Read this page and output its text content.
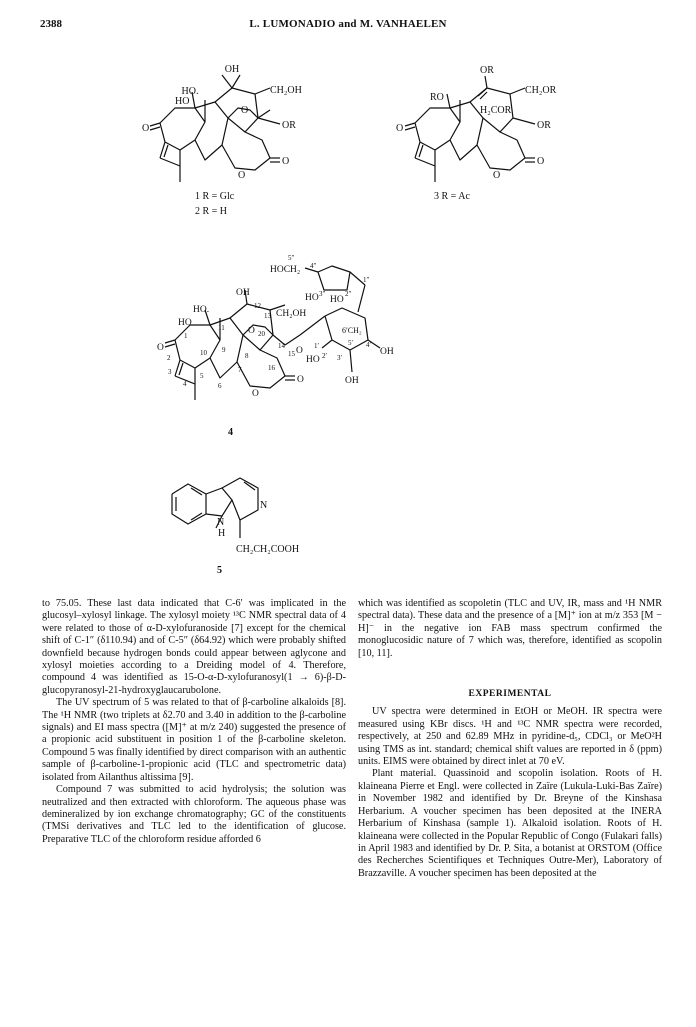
2388	L. LUMONADIO and M. VANHAELEN
OH
HO.
HO
CH₂OH
OR
O
O
O
O
1 R = Glc
2 R = H
OR
RO
CH₂OR
H₂COR
OR
O
O
O
3 R = Ac
HOCH₂
5″
4″
1″
HO 3″
HO
2″
OH
HO.
HO
CH₂OH
12
13
11
20
O
14
15 O 1′
HO 2′ 3′
OH
6′CH₂
5′ 4′
OH
O
2
3
1
10 9
8
4
5
6
7	16
O
O
4
N
H
N
CH₂CH₂COOH
5

to 75.05. These last data indicated that C-6′ was implicated in the glucosyl–xylosyl linkage. The xylosyl moiety ¹³C NMR spectral data of 4 were related to those of α-D-xylofuranoside [7] except for the chemical shift of C-1″ (δ110.94) and of C-5″ (δ64.92) which were probably shifted downfield because hydrogen bonds could appear between aglycone and xylosyl moieties according to a Dreiding model of 4. Therefore, compound 4 was identified as 15-O-α-D-xylofuranosyl(1 → 6)-β-D-glucopyranosyl-21-hydroxyglaucarubolone.

The UV spectrum of 5 was related to that of β-carboline alkaloids [8]. The ¹H NMR (two triplets at δ2.70 and 3.40 in addition to the β-carboline signals) and EI mass spectra ([M]⁺ at m/z 240) suggested the presence of a propionic acid substituent in position 1 of the β-carboline skeleton. Compound 5 was finally identified by direct comparison with an authentic sample of β-carboline-1-propionic acid (TLC and spectrometric data) isolated from Ailanthus altissima [9].

Compound 7 was submitted to acid hydrolysis; the solution was neutralized and then extracted with chloroform. The aqueous phase was demineralized by ion exchange chromatography; GC of the constituents (TMSi derivatives and TLC led to the identification of glucose. Preparative TLC of the chloroform residue afforded 6

which was identified as scopoletin (TLC and UV, IR, mass and ¹H NMR spectral data). These data and the presence of a [M]⁺ ion at m/z 353 [M − H]⁻ in the negative ion FAB mass spectrum confirmed the monoglucosidic nature of 7 which was, therefore, identified as scopolin [10, 11].

EXPERIMENTAL

UV spectra were determined in EtOH or MeOH. IR spectra were measured using KBr discs. ¹H and ¹³C NMR spectra were recorded, respectively, at 250 and 62.89 MHz in pyridine-d₅, CDCl₃ or MeO²H using TMS as int. standard; chemical shift values are reported in δ (ppm) units. EIMS were obtained by direct inlet at 70 eV.

Plant material. Quassinoid and scopolin isolation. Roots of H. klaineana Pierre et Engl. were collected in Zaïre (Lukula-Luki-Bas Zaïre) in November 1982 and identified by Dr. Breyne of the Kinshasa Herbarium. A voucher specimen has been deposited at the INERA Herbarium of Kinshasa (sample 1). Alkaloid isolation. Roots of H. klaineana were collected in the Popular Republic of Congo (Fulakari falls) in April 1983 and identified by Dr. P. Sita, a botanist at ORSTOM (Office des Recherches Scientifiques et Techniques Outre-Mer), Laboratory of Brazzaville. A voucher specimen has been deposited at the
